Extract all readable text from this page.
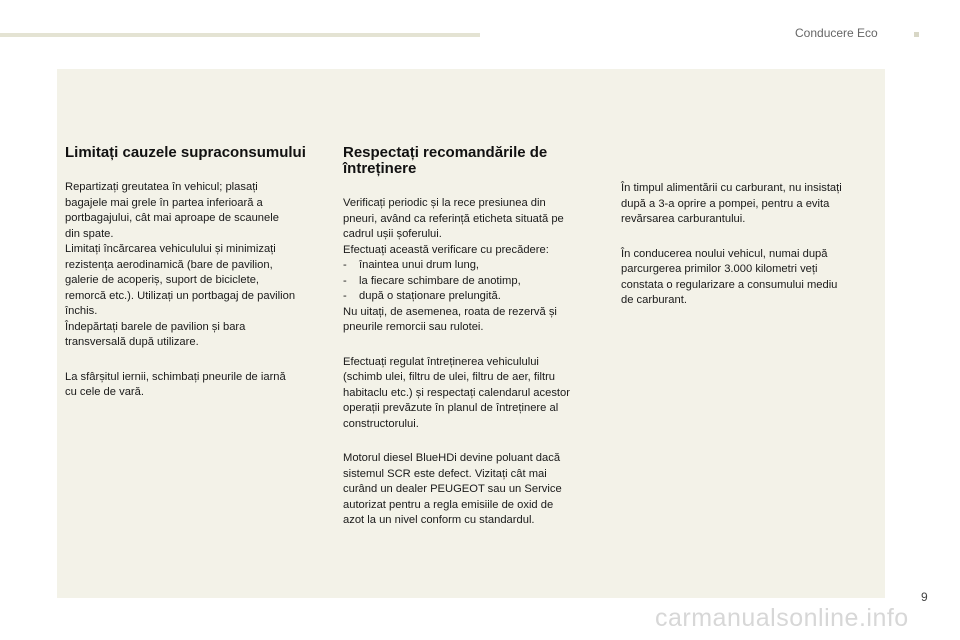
Conducere Eco
Limitați cauzele supraconsumului

Repartizați greutatea în vehicul; plasați
bagajele mai grele în partea inferioară a
portbagajului, cât mai aproape de scaunele
din spate.
Limitați încărcarea vehiculului și minimizați
rezistența aerodinamică (bare de pavilion,
galerie de acoperiș, suport de biciclete,
remorcă etc.). Utilizați un portbagaj de pavilion
închis.
Îndepărtați barele de pavilion și bara
transversală după utilizare.

La sfârșitul iernii, schimbați pneurile de iarnă
cu cele de vară.

Respectați recomandările de întreținere

Verificați periodic și la rece presiunea din
pneuri, având ca referință eticheta situată pe
cadrul ușii șoferului.
Efectuați această verificare cu precădere:
- înaintea unui drum lung,
- la fiecare schimbare de anotimp,
- după o staționare prelungită.
Nu uitați, de asemenea, roata de rezervă și
pneurile remorcii sau rulotei.

Efectuați regulat întreținerea vehiculului
(schimb ulei, filtru de ulei, filtru de aer, filtru
habitaclu etc.) și respectați calendarul acestor
operații prevăzute în planul de întreținere al
constructorului.

Motorul diesel BlueHDi devine poluant dacă
sistemul SCR este defect. Vizitați cât mai
curând un dealer PEUGEOT sau un Service
autorizat pentru a regla emisiile de oxid de
azot la un nivel conform cu standardul.

În timpul alimentării cu carburant, nu insistați
după a 3-a oprire a pompei, pentru a evita
revărsarea carburantului.

În conducerea noului vehicul, numai după
parcurgerea primilor 3.000 kilometri veți
constata o regularizare a consumului mediu
de carburant.

9
carmanualsonline.info
